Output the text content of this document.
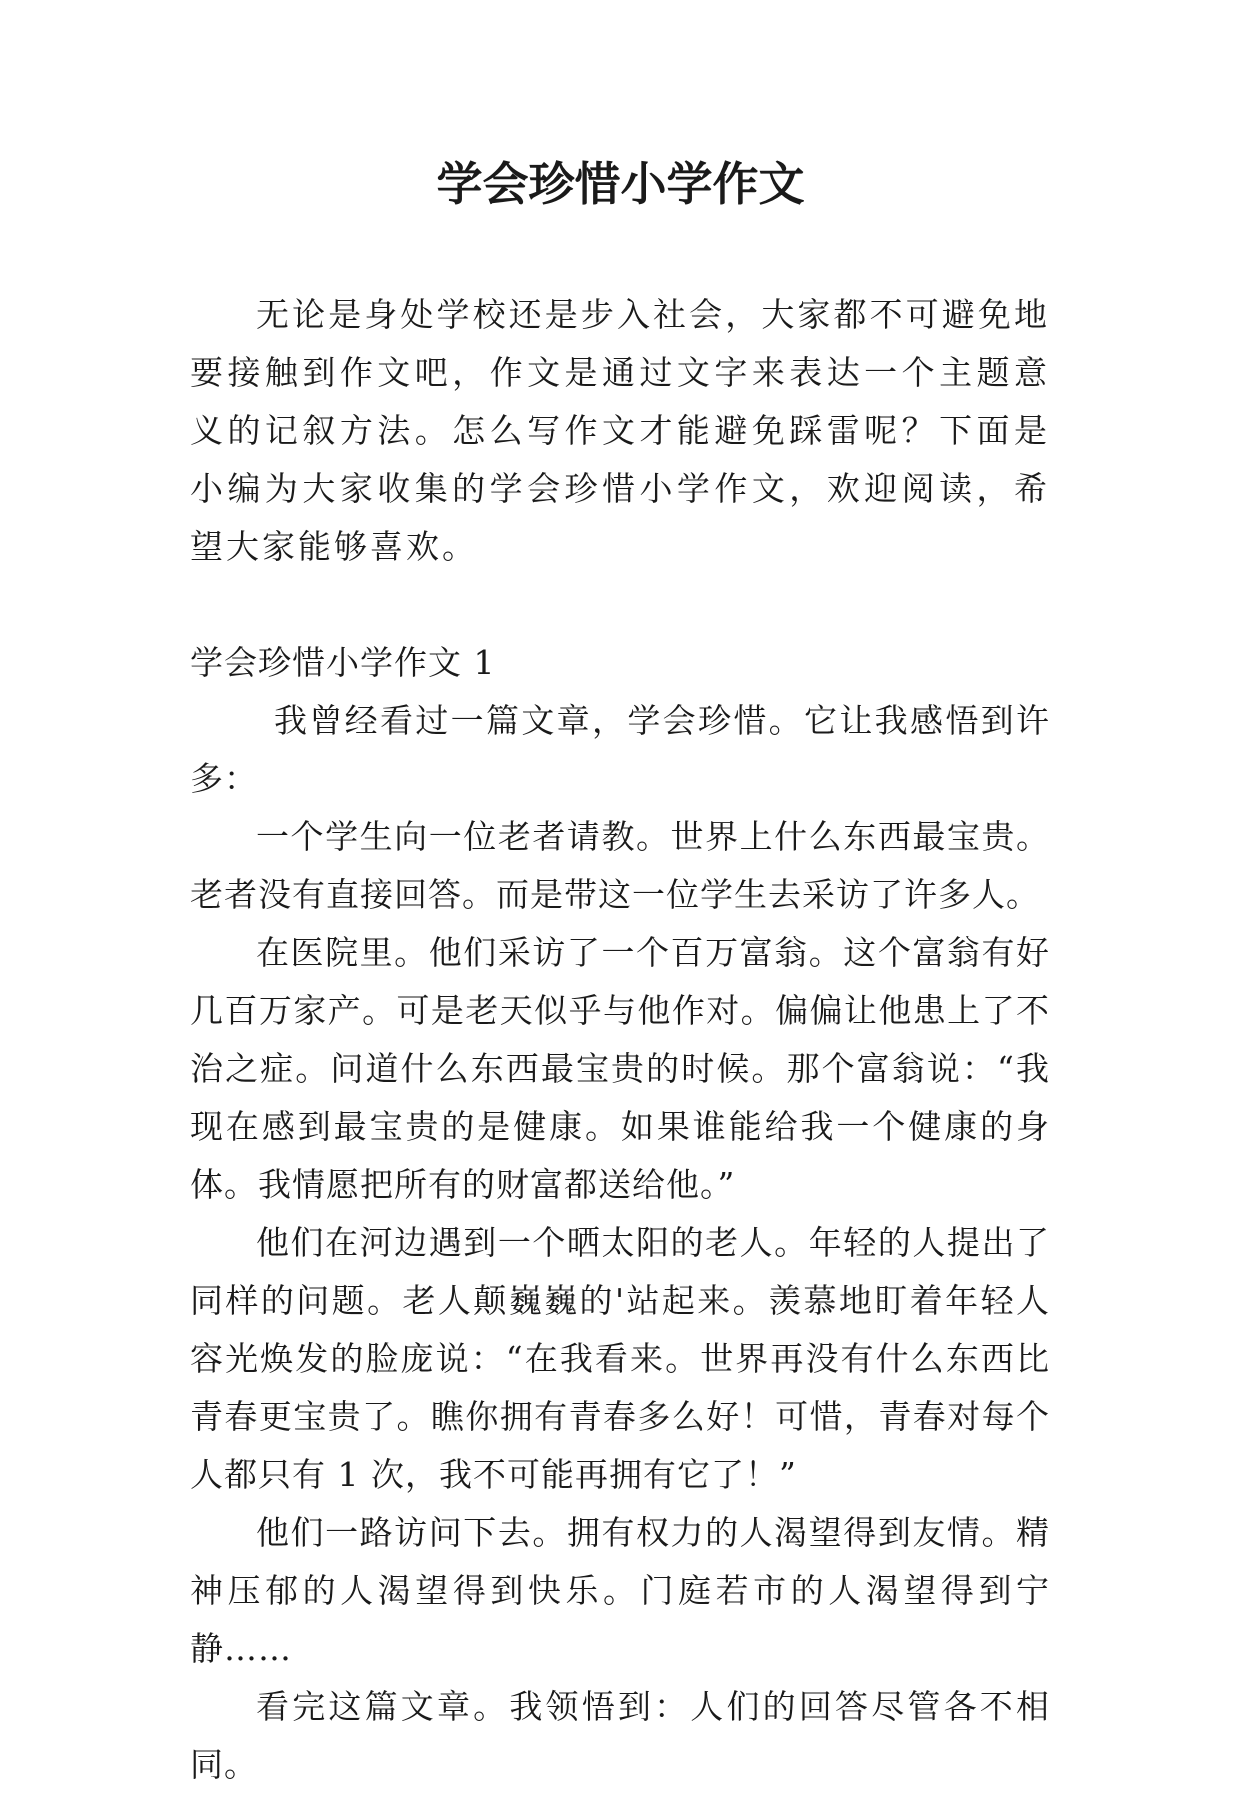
学会珍惜小学作文

无论是身处学校还是步入社会，大家都不可避免地要接触到作文吧，作文是通过文字来表达一个主题意义的记叙方法。怎么写作文才能避免踩雷呢？下面是小编为大家收集的学会珍惜小学作文，欢迎阅读，希望大家能够喜欢。

学会珍惜小学作文 1

我曾经看过一篇文章，学会珍惜。它让我感悟到许多：

一个学生向一位老者请教。世界上什么东西最宝贵。老者没有直接回答。而是带这一位学生去采访了许多人。

在医院里。他们采访了一个百万富翁。这个富翁有好几百万家产。可是老天似乎与他作对。偏偏让他患上了不治之症。问道什么东西最宝贵的时候。那个富翁说：“我现在感到最宝贵的是健康。如果谁能给我一个健康的身体。我情愿把所有的财富都送给他。”

他们在河边遇到一个晒太阳的老人。年轻的人提出了同样的问题。老人颠巍巍的'站起来。羡慕地盯着年轻人容光焕发的脸庞说：“在我看来。世界再没有什么东西比青春更宝贵了。瞧你拥有青春多么好！可惜，青春对每个人都只有 1 次，我不可能再拥有它了！”

他们一路访问下去。拥有权力的人渴望得到友情。精神压郁的人渴望得到快乐。门庭若市的人渴望得到宁静……

看完这篇文章。我领悟到：人们的回答尽管各不相同。
